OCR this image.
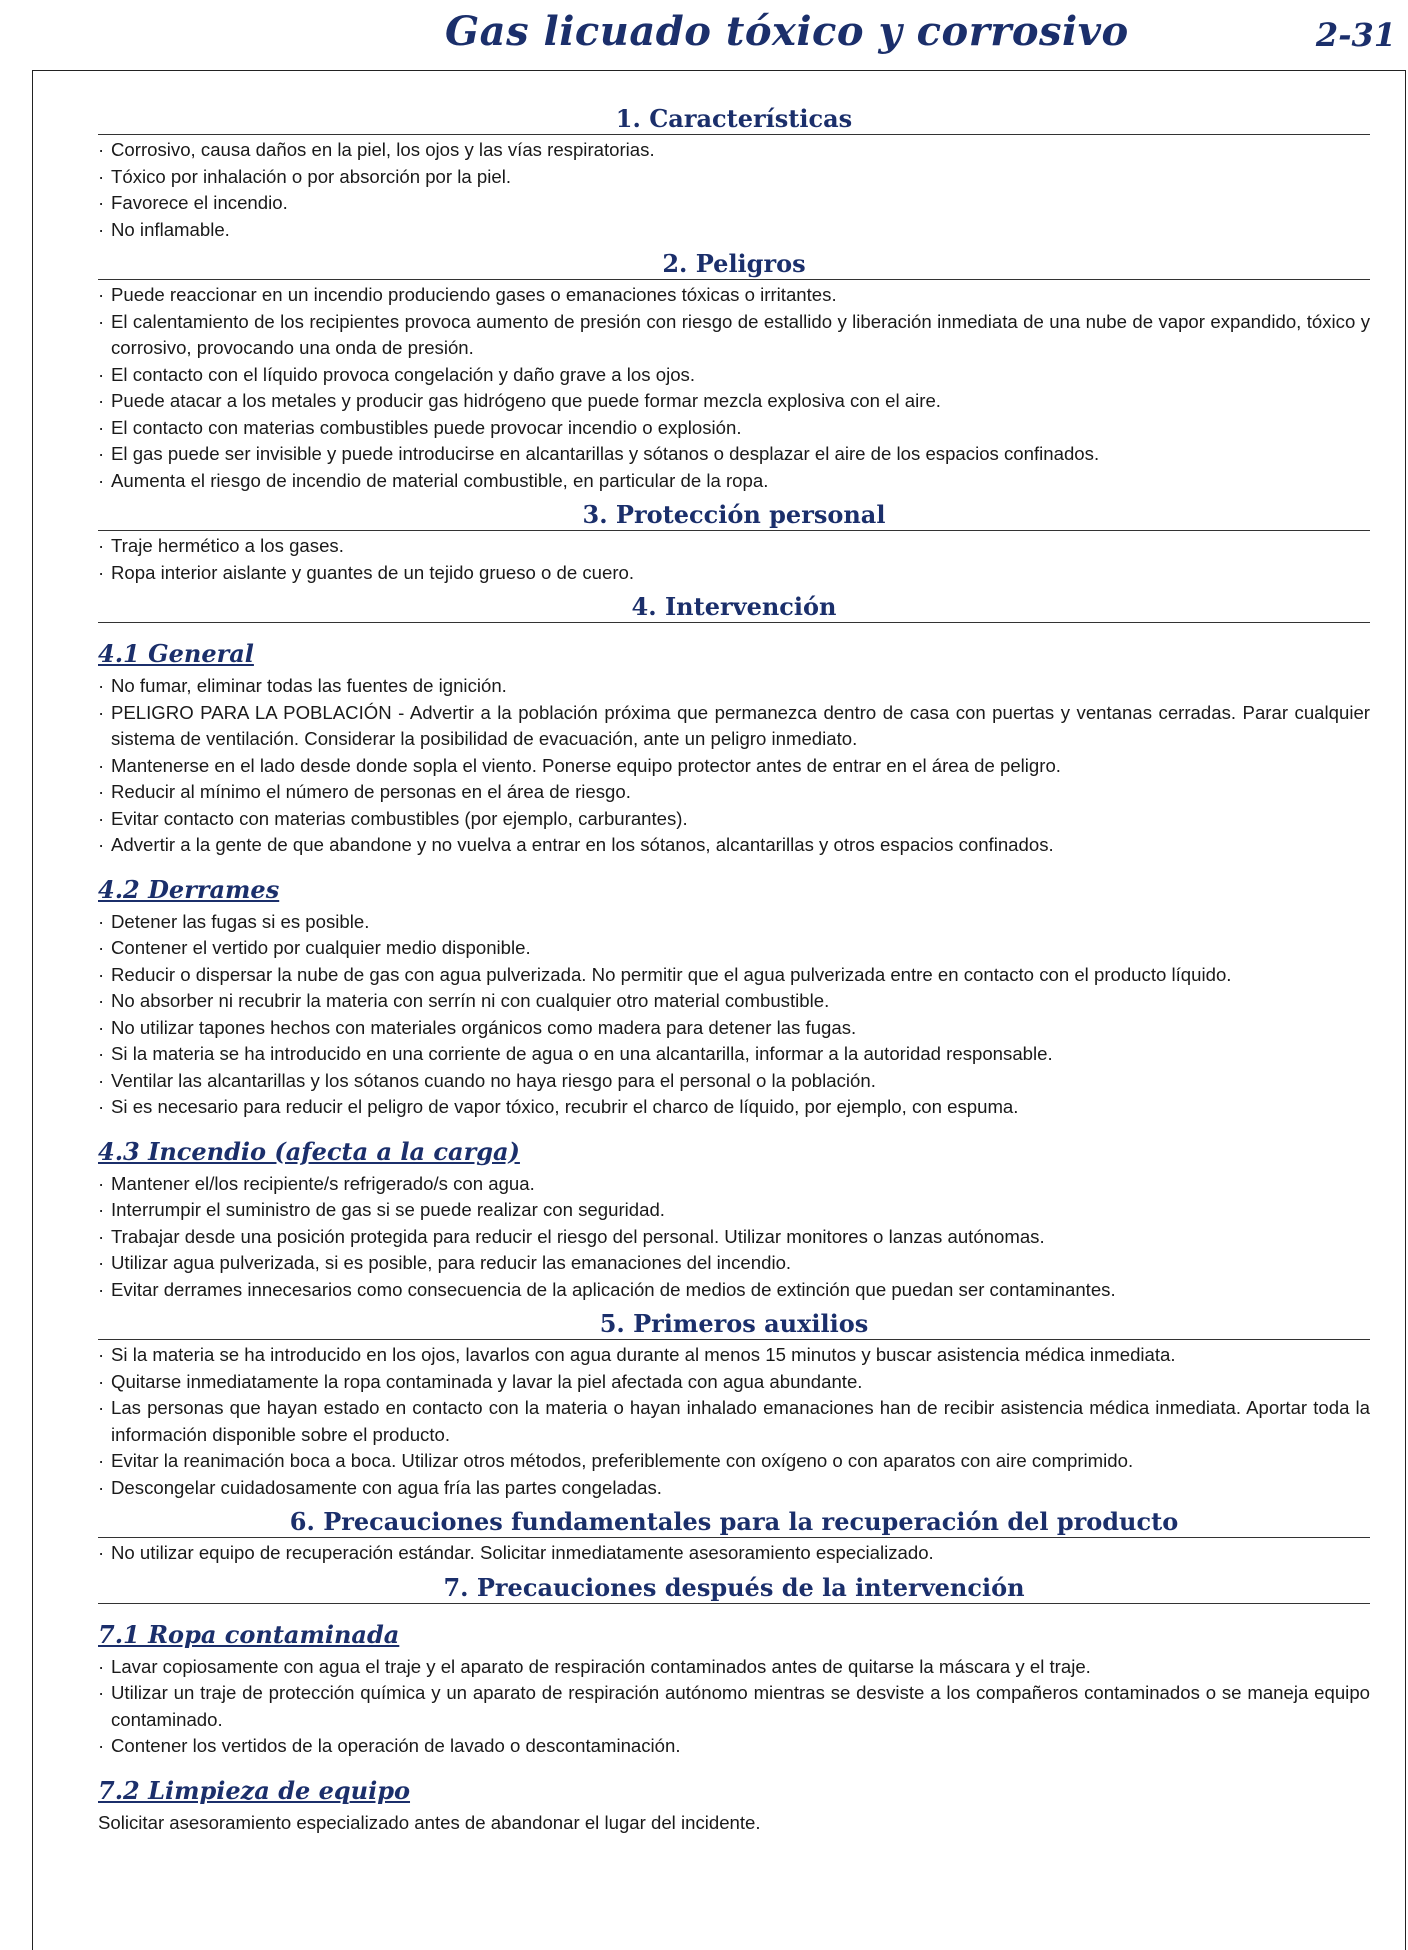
Gas licuado tóxico y corrosivo	2-31
1. Características
· Corrosivo, causa daños en la piel, los ojos y las vías respiratorias.
· Tóxico por inhalación o por absorción por la piel.
· Favorece el incendio.
· No inflamable.
2. Peligros
· Puede reaccionar en un incendio produciendo gases o emanaciones tóxicas o irritantes.
· El calentamiento de los recipientes provoca aumento de presión con riesgo de estallido y liberación inmediata de una nube de vapor expandido, tóxico y corrosivo, provocando una onda de presión.
· El contacto con el líquido provoca congelación y daño grave a los ojos.
· Puede atacar a los metales y producir gas hidrógeno que puede formar mezcla explosiva con el aire.
· El contacto con materias combustibles puede provocar incendio o explosión.
· El gas puede ser invisible y puede introducirse en alcantarillas y sótanos o desplazar el aire de los espacios confinados.
· Aumenta el riesgo de incendio de material combustible, en particular de la ropa.
3. Protección personal
· Traje hermético a los gases.
· Ropa interior aislante y guantes de un tejido grueso o de cuero.
4. Intervención
4.1 General
· No fumar, eliminar todas las fuentes de ignición.
· PELIGRO PARA LA POBLACIÓN - Advertir a la población próxima que permanezca dentro de casa con puertas y ventanas cerradas. Parar cualquier sistema de ventilación. Considerar la posibilidad de evacuación, ante un peligro inmediato.
· Mantenerse en el lado desde donde sopla el viento. Ponerse equipo protector antes de entrar en el área de peligro.
· Reducir al mínimo el número de personas en el área de riesgo.
· Evitar contacto con materias combustibles (por ejemplo, carburantes).
· Advertir a la gente de que abandone y no vuelva a entrar en los sótanos, alcantarillas y otros espacios confinados.
4.2 Derrames
· Detener las fugas si es posible.
· Contener el vertido por cualquier medio disponible.
· Reducir o dispersar la nube de gas con agua pulverizada. No permitir que el agua pulverizada entre en contacto con el producto líquido.
· No absorber ni recubrir la materia con serrín ni con cualquier otro material combustible.
· No utilizar tapones hechos con materiales orgánicos como madera para detener las fugas.
· Si la materia se ha introducido en una corriente de agua o en una alcantarilla, informar a la autoridad responsable.
· Ventilar las alcantarillas y los sótanos cuando no haya riesgo para el personal o la población.
· Si es necesario para reducir el peligro de vapor tóxico, recubrir el charco de líquido, por ejemplo, con espuma.
4.3 Incendio (afecta a la carga)
· Mantener el/los recipiente/s refrigerado/s con agua.
· Interrumpir el suministro de gas si se puede realizar con seguridad.
· Trabajar desde una posición protegida para reducir el riesgo del personal. Utilizar monitores o lanzas autónomas.
· Utilizar agua pulverizada, si es posible, para reducir las emanaciones del incendio.
· Evitar derrames innecesarios como consecuencia de la aplicación de medios de extinción que puedan ser contaminantes.
5. Primeros auxilios
· Si la materia se ha introducido en los ojos, lavarlos con agua durante al menos 15 minutos y buscar asistencia médica inmediata.
· Quitarse inmediatamente la ropa contaminada y lavar la piel afectada con agua abundante.
· Las personas que hayan estado en contacto con la materia o hayan inhalado emanaciones han de recibir asistencia médica inmediata. Aportar toda la información disponible sobre el producto.
· Evitar la reanimación boca a boca. Utilizar otros métodos, preferiblemente con oxígeno o con aparatos con aire comprimido.
· Descongelar cuidadosamente con agua fría las partes congeladas.
6. Precauciones fundamentales para la recuperación del producto
· No utilizar equipo de recuperación estándar. Solicitar inmediatamente asesoramiento especializado.
7. Precauciones después de la intervención
7.1 Ropa contaminada
· Lavar copiosamente con agua el traje y el aparato de respiración contaminados antes de quitarse la máscara y el traje.
· Utilizar un traje de protección química y un aparato de respiración autónomo mientras se desviste a los compañeros contaminados o se maneja equipo contaminado.
· Contener los vertidos de la operación de lavado o descontaminación.
7.2 Limpieza de equipo

Solicitar asesoramiento especializado antes de abandonar el lugar del incidente.
